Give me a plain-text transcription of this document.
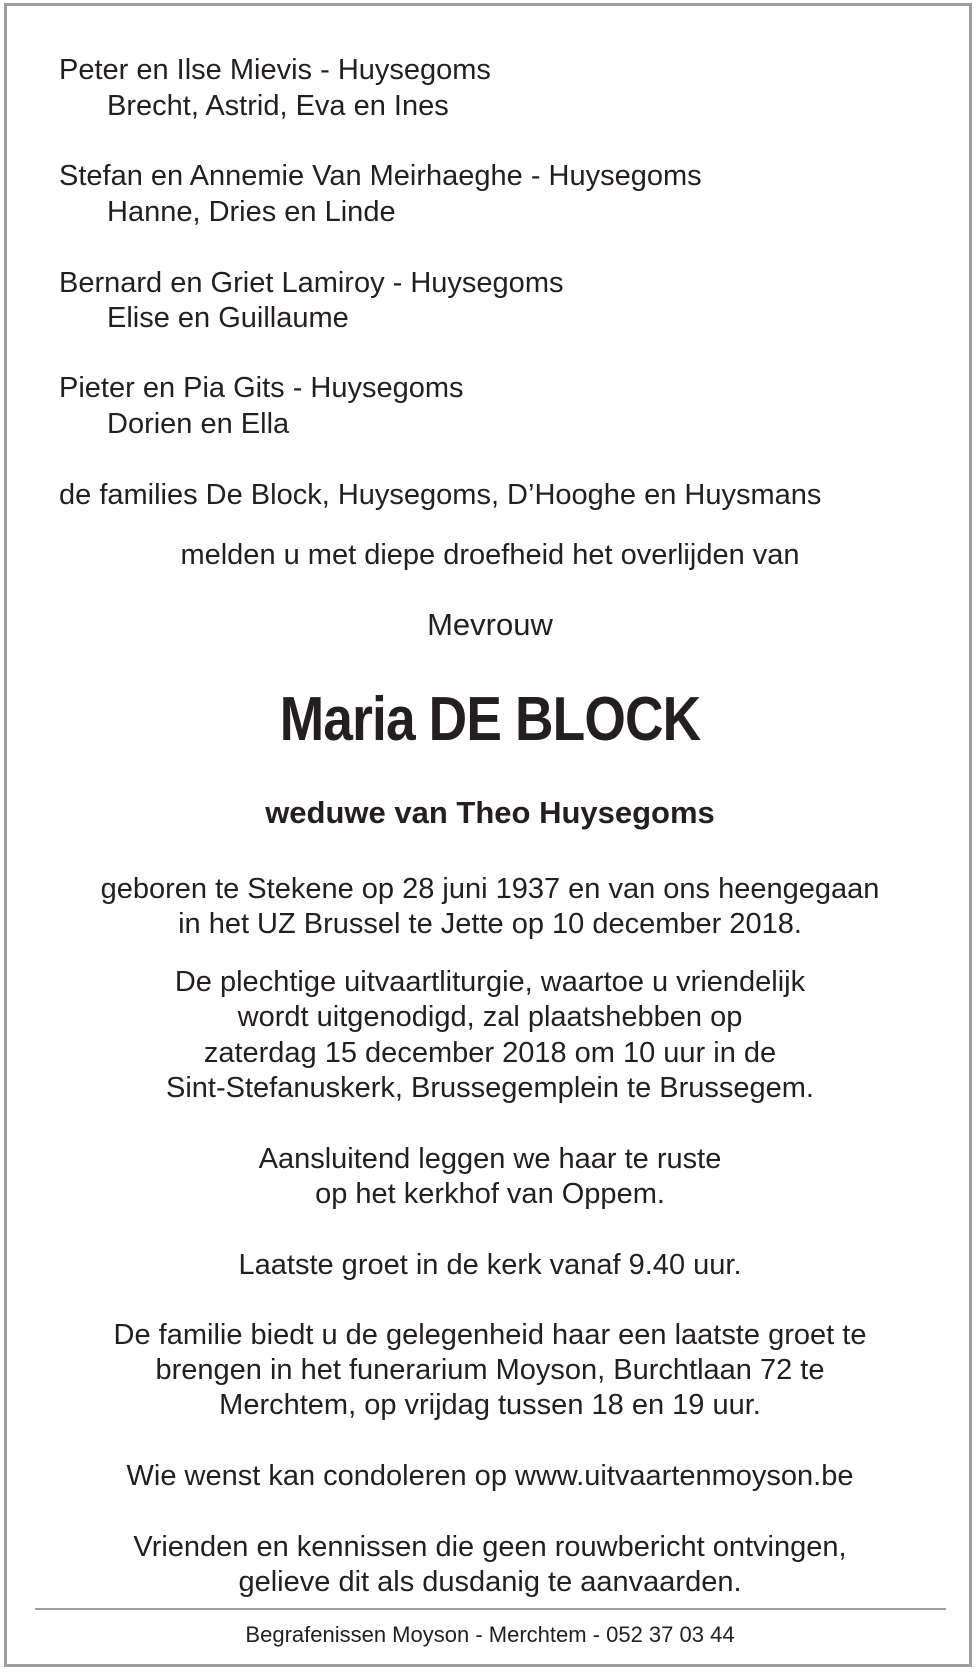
Peter en Ilse Mievis - Huysegoms

Brecht, Astrid, Eva en Ines

Stefan en Annemie Van Meirhaeghe - Huysegoms

Hanne, Dries en Linde

Bernard en Griet Lamiroy - Huysegoms

Elise en Guillaume

Pieter en Pia Gits - Huysegoms

Dorien en Ella

de families De Block, Huysegoms, D’Hooghe en Huysmans

melden u met diepe droefheid het overlijden van

Mevrouw

Maria DE BLOCK

weduwe van Theo Huysegoms

geboren te Stekene op 28 juni 1937 en van ons heengegaan

in het UZ Brussel te Jette op 10 december 2018.

De plechtige uitvaartliturgie, waartoe u vriendelijk

wordt uitgenodigd, zal plaatshebben op

zaterdag 15 december 2018 om 10 uur in de

Sint-Stefanuskerk, Brussegemplein te Brussegem.

Aansluitend leggen we haar te ruste

op het kerkhof van Oppem.

Laatste groet in de kerk vanaf 9.40 uur.

De familie biedt u de gelegenheid haar een laatste groet te

brengen in het funerarium Moyson, Burchtlaan 72 te

Merchtem, op vrijdag tussen 18 en 19 uur.

Wie wenst kan condoleren op www.uitvaartenmoyson.be

Vrienden en kennissen die geen rouwbericht ontvingen,

gelieve dit als dusdanig te aanvaarden.

Begrafenissen Moyson - Merchtem - 052 37 03 44
